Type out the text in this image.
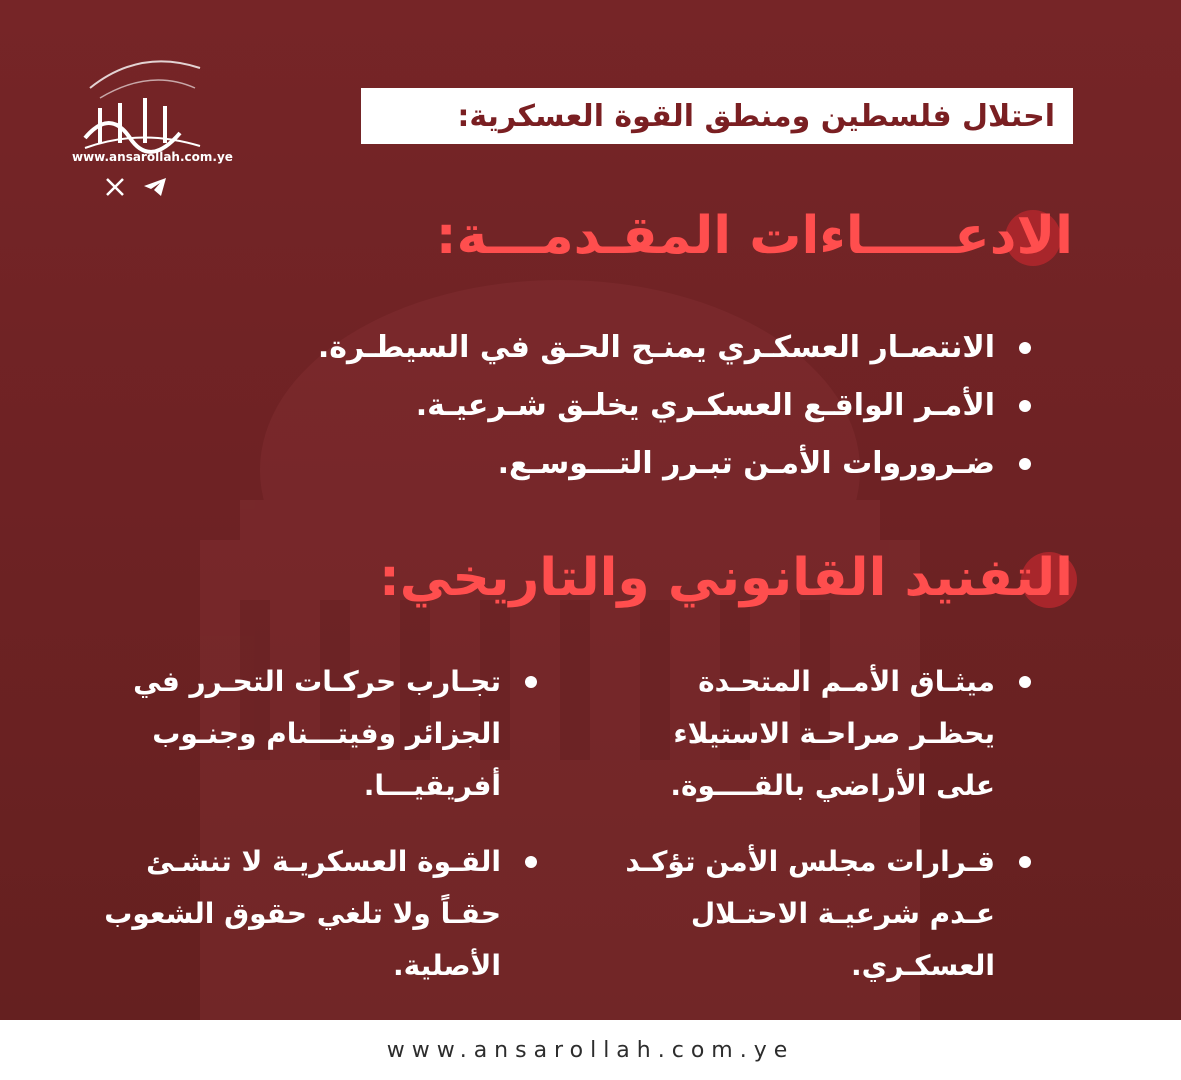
www.ansarollah.com.ye
احتلال فلسطين ومنطق القوة العسكرية:
الادعـــــاءات المقـدمـــة:
الانتصـار العسكـري يمنـح الحـق في السيطـرة.
الأمـر الواقـع العسكـري يخلـق شـرعيـة.
ضـروروات الأمـن تبـرر التـــوسـع.
التفنيد القانوني والتاريخي:
ميثـاق الأمـم المتحـدة يحظـر صراحـة الاستيلاء على الأراضي بالقــــوة.
تجـارب حركـات التحـرر في الجزائر وفيتـــنام وجنـوب أفريقيـــا.
قـرارات مجلس الأمن تؤكـد عـدم شرعيـة الاحتـلال العسكـري.
القـوة العسكريـة لا تنشـئ حقـاً ولا تلغي حقوق الشعوب الأصلية.
www.ansarollah.com.ye
